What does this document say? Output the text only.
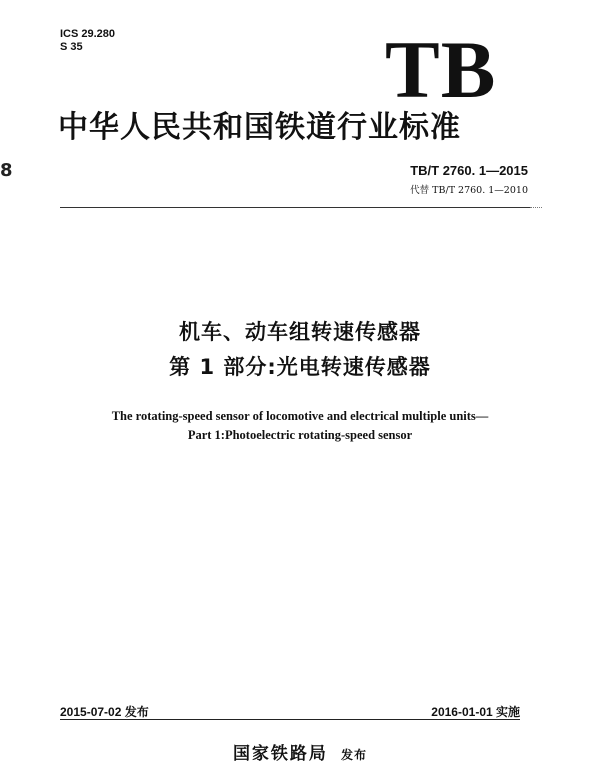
ICS 29.280
S 35	TB
8
中华人民共和国铁道行业标准
TB/T 2760. 1—2015
代替 TB/T 2760. 1—2010
机车、动车组转速传感器
第 1 部分:光电转速传感器
The rotating-speed sensor of locomotive and electrical multiple units—
Part 1:Photoelectric rotating-speed sensor
2015-07-02 发布	2016-01-01 实施
国家铁路局 发布
